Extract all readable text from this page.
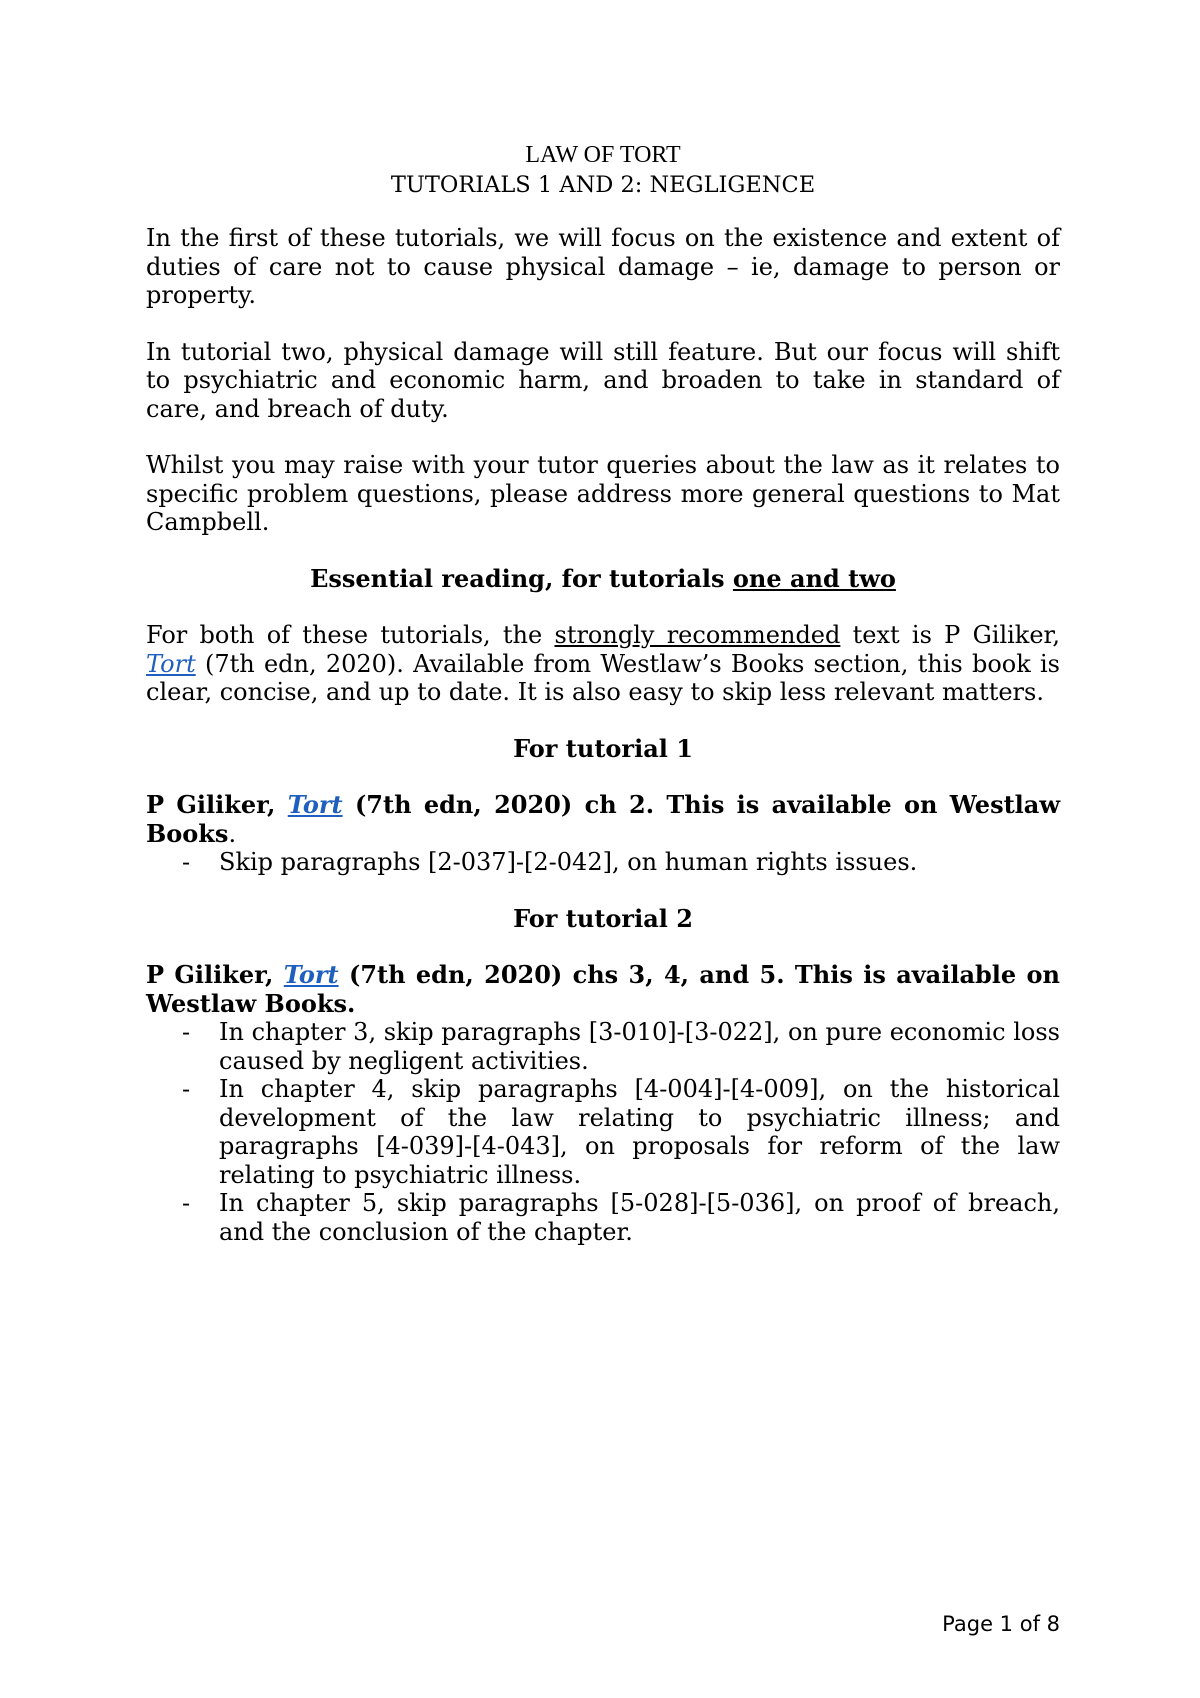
LAW OF TORT

TUTORIALS 1 AND 2: NEGLIGENCE

In the first of these tutorials, we will focus on the existence and extent of duties of care not to cause physical damage – ie, damage to person or property.

In tutorial two, physical damage will still feature. But our focus will shift to psychiatric and economic harm, and broaden to take in standard of care, and breach of duty.

Whilst you may raise with your tutor queries about the law as it relates to specific problem questions, please address more general questions to Mat Campbell.

Essential reading, for tutorials one and two

For both of these tutorials, the strongly recommended text is P Giliker, Tort (7th edn, 2020). Available from Westlaw’s Books section, this book is clear, concise, and up to date. It is also easy to skip less relevant matters.

For tutorial 1

P Giliker, Tort (7th edn, 2020) ch 2. This is available on Westlaw Books.

- Skip paragraphs [2-037]-[2-042], on human rights issues.

For tutorial 2

P Giliker, Tort (7th edn, 2020) chs 3, 4, and 5. This is available on Westlaw Books.

- In chapter 3, skip paragraphs [3-010]-[3-022], on pure economic loss caused by negligent activities.
- In chapter 4, skip paragraphs [4-004]-[4-009], on the historical development of the law relating to psychiatric illness; and paragraphs [4-039]-[4-043], on proposals for reform of the law relating to psychiatric illness.
- In chapter 5, skip paragraphs [5-028]-[5-036], on proof of breach, and the conclusion of the chapter.
Page 1 of 8
